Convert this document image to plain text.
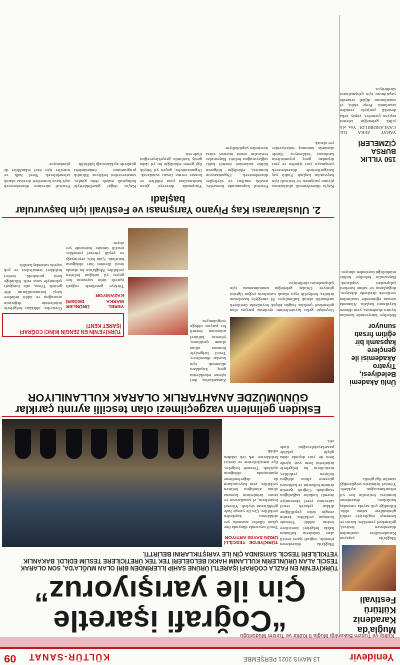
Yenidevir
13 MAYIS 2021 PERŞEMBE
KÜLTÜR-SANAT
09
Kültür ve Turizm Bakanlığı Muğla İl Kültür ve Turizm Müdürlüğü
Muğla'da Karadeniz Kültürü Festivali
Muğla'da yaşayan Karadenizliler tarafından düzenlenen festival, geleneksel yemekler, horon ve kemençe ezgileriyle renkli görüntülere sahne oldu. Etkinliğe çok sayıda vatandaş katılırken, düzenleme komitesi festivalin her yıl tekrarlanacağını açıkladı. Yöresel ürünlerin sergilendiği stantlar ilgi gördü.
Ünlü Akademi Belediyesi, Tiyatro Akademisi ile gençlere kapsamlı bir eğitim fırsatı sunuyor
Belediye bünyesinde kurulan tiyatro akademisi, yeni dönem kayıtlarını başlattı. Alanında uzman eğitmenler tarafından verilecek derslerde diksiyon, doğaçlama ve sahne hareketi çalışmaları yapılacak. Başvurular belediye kültür müdürlüğü üzerinden alınıyor.
150 YILLIK BURSA ÇİZMELERİ
VARAY ZEKA İLE CANLANDIRILDI. Yüz elli yıllık geleneğin izlerini taşıyan çizmeler, yapay zeka destekli projeyle yeniden tasarlandı. Proje ekibi, el sanatlarının dijital ortamda yaşatılması için çalışmalarını sürdürüyor.
“Coğrafi işaretle
Çin ile yarışıyoruz”
TÜRKİYE'NİN EN FAZLA COĞRAFİ İŞARETLİ ÜRÜNE SAHİP İLLERİNDEN BİRİ OLAN MUĞLA'DA, SON OLARAK TESCİL ALAN ÜRÜNLERİN KULLANIM HAKKI BELGELERİ TEK TEK ÜRETİCİLERE TESLİM EDİLDİ. BAKANLIK YETKİLİLERİ TESCİL SAYISINDA ÇİN İLE YARIŞTIKLARINI BELİRTTİ.
Muğla'da düzenlenen törende, coğrafi işaret tescili alan ürünlerin kullanım hakkı belgeleri üreticilere teslim edildi. Törende konuşan yetkililer, kentin zengin ürün çeşitliliğine dikkat çekerek tescil sürecinin yerel ekonomiye önemli katkılar sağladığını vurguladı. Coğrafi işaretin ürünün kökenini ve kalitesini güvence altına aldığını belirten yetkililer, üreticilerin bu belgelerle ürünlerini hem yurt içinde hem de yurt dışında daha güçlü şekilde pazarlayabileceğini ifade etti.
TÜRKİYE'DE TESCİLLİ ÜRÜN SAYISI ARTIYOR
Tescil sayısında dünyada öne çıkan ülkeler arasında yer aldıklarını kaydeden yetkililer, Çin ile yarışır hale geldiklerini söyledi. Yöresel lezzetlerin, el sanatlarının ve tarım ürünlerinin koruma altına alındığını belirten yetkililer, yeni başvuruların da değerlendirme aşamasında olduğunu açıkladı. Törende belgeler, ilçe temsilcilerine ve üretici birliklerine tek tek takdim edildi.
Eskiden gelinlerin vazgeçilmezi olan tescilli ayrıntı çarıklar GÜNÜMÜZDE ANAHTARLIK OLARAK KULLANILIYOR
Geçmişte gelin kıyafetlerinin ayrılmaz parçası olan geleneksel çarıklar, bugün küçük boyutlarda üretilerek anahtarlık olarak kullanılıyor. El emeğiyle hazırlanan ürünler, hediyelik eşya olarak turistlerin yoğun ilgisini görüyor. Ustalar, geleneğin unutulmaması için çalışmalarını sürdürüyor.
Zanaatkarlar, deri işleme tekniklerini genç kuşaklara aktarmak için kurslar düzenliyor. Tescil belgesiyle koruma altına alınan çarıkların, yörenin kültürel mirasının önemli bir parçası olduğu vurgulanıyor.
TÜRKİYE'NİN EN ZENGİN İKİNCİ COĞRAFİ İŞARET KENTİ
YEREL ÜRÜNLER MARKA DEĞERİ KAZANIYOR
Türkiye genelinde coğrafi işaretli ürün sayısının her geçen yıl arttığını belirten yetkililer, Muğla'nın bu alanda öncü illerden biri olduğunu hatırlattı. Çam balı, zeytinyağı ve çeşitli yöresel yemekler tescilli ürünler listesinde yer alıyor.
Üreticiler, aldıkları belgelerle ürünlerinin değerinin artacağını ve taklit ürünlere karşı korunacaklarını dile getirdi. Tören, aile fotoğrafı çekimiyle sona erdi. Etkinliğe kent protokolü, üretici birlikleri temsilcileri ve çok sayıda vatandaş katıldı.
2. Uluslararası Kaş Piyano Yarışması ve Festivali için başvurular başladı
Kaş'ta düzenlenecek uluslararası piyano yarışması ve festivali için başvurular başladı. Farklı yaş kategorilerinde düzenlenecek yarışmaya yurt içinden ve yurt dışından genç piyanistlerin katılması bekleniyor. Jüride alanında tanınmış müzisyenler yer alacak.
Festival kapsamında konserler, ustalık sınıfları ve söyleşiler düzenlenecek. Organizasyon komitesi, etkinliğin bölgenin kültür turizmine önemli katkı sağlayacağını belirtti. Başvurular festivalin resmi internet sitesi üzerinden yapılabiliyor.
Yarışmada dereceye giren katılımcılara para ödülleri ve konser verme fırsatı sunulacak. Organizatörler, geçen yıl büyük ilgi gören etkinliğin bu yıl daha geniş katılımla gerçekleşeceğini ifade etti.
Kaş'ın doğal güzellikleriyle buluşacak müzik dolu günler, sanatseverleri bekliyor. Etkinlik programının önümüzdeki günlerde açıklanacağı bildirildi.
Festival süresince düzenlenecek açık hava konserleri ücretsiz olarak izlenebilecek. Yerel halk ve turistler için özel etkinlikler de planlanıyor.
